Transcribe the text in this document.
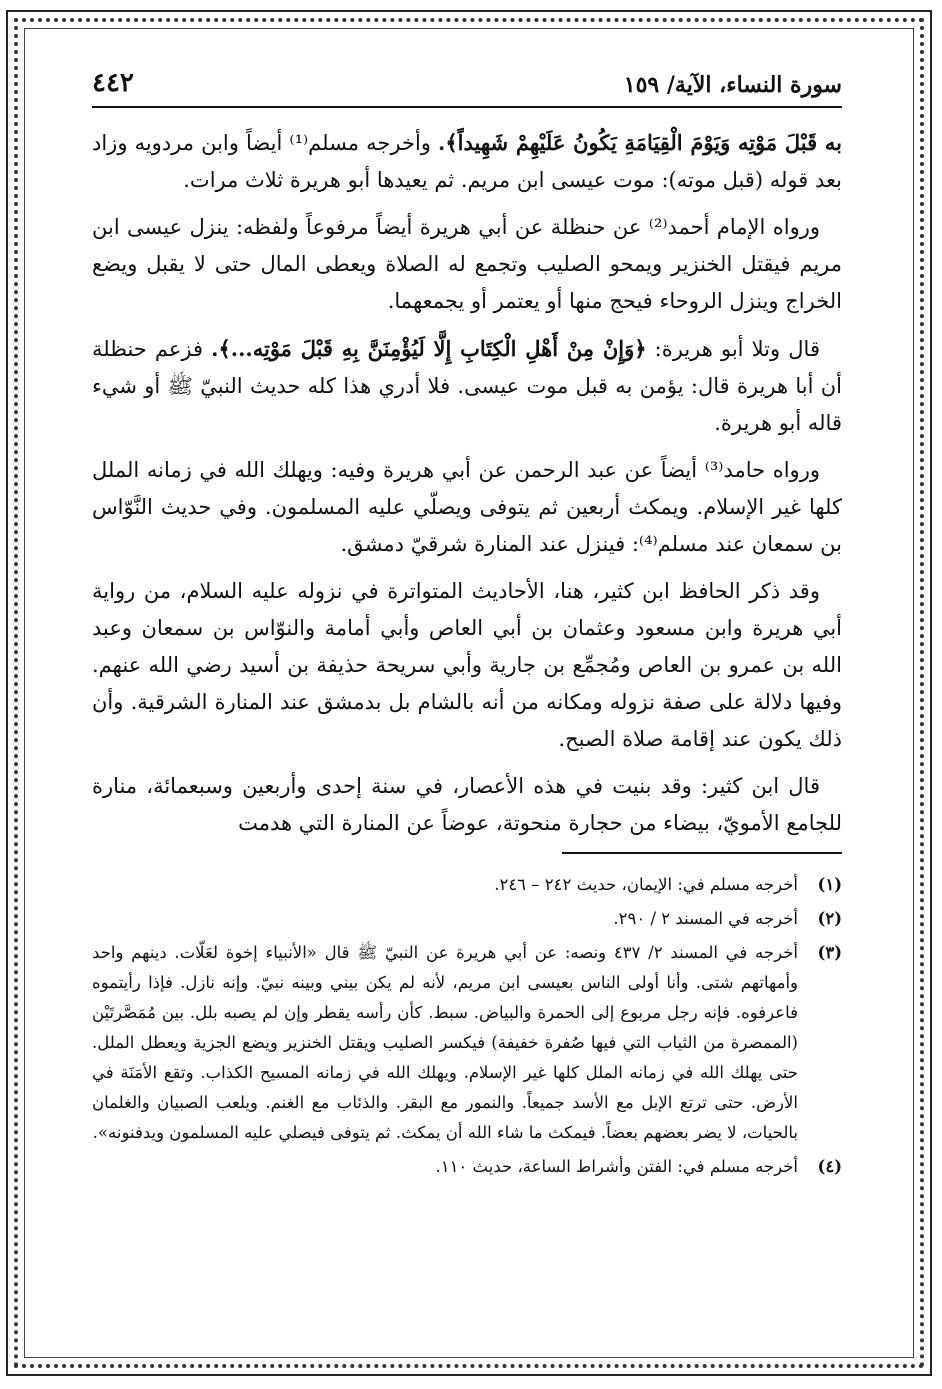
سورة النساء، الآية/ ١٥٩
٤٤٢

به قَبْلَ مَوْتِه وَيَوْمَ الْقِيَامَةِ يَكُونُ عَلَيْهِمْ شَهِيداً﴾. وأخرجه مسلم⁽¹⁾ أيضاً وابن مردويه وزاد بعد قوله (قبل موته): موت عيسى ابن مريم. ثم يعيدها أبو هريرة ثلاث مرات.

ورواه الإمام أحمد⁽²⁾ عن حنظلة عن أبي هريرة أيضاً مرفوعاً ولفظه: ينزل عيسى ابن مريم فيقتل الخنزير ويمحو الصليب وتجمع له الصلاة ويعطى المال حتى لا يقبل ويضع الخراج وينزل الروحاء فيحج منها أو يعتمر أو يجمعهما.

قال وتلا أبو هريرة: ﴿وَإِنْ مِنْ أَهْلِ الْكِتَابِ إِلَّا لَيُؤْمِنَنَّ بِهِ قَبْلَ مَوْتِه...﴾. فزعم حنظلة أن أبا هريرة قال: يؤمن به قبل موت عيسى. فلا أدري هذا كله حديث النبيّ ﷺ أو شيء قاله أبو هريرة.

ورواه حامد⁽³⁾ أيضاً عن عبد الرحمن عن أبي هريرة وفيه: ويهلك الله في زمانه الملل كلها غير الإسلام. ويمكث أربعين ثم يتوفى ويصلّي عليه المسلمون. وفي حديث النَّوّاس بن سمعان عند مسلم⁽⁴⁾: فينزل عند المنارة شرقيّ دمشق.

وقد ذكر الحافظ ابن كثير، هنا، الأحاديث المتواترة في نزوله عليه السلام، من رواية أبي هريرة وابن مسعود وعثمان بن أبي العاص وأبي أمامة والنوّاس بن سمعان وعبد الله بن عمرو بن العاص ومُجمِّع بن جارية وأبي سريحة حذيفة بن أسيد رضي الله عنهم. وفيها دلالة على صفة نزوله ومكانه من أنه بالشام بل بدمشق عند المنارة الشرقية. وأن ذلك يكون عند إقامة صلاة الصبح.

قال ابن كثير: وقد بنيت في هذه الأعصار، في سنة إحدى وأربعين وسبعمائة، منارة للجامع الأمويّ، بيضاء من حجارة منحوتة، عوضاً عن المنارة التي هدمت

(١)
أخرجه مسلم في: الإيمان، حديث ٢٤٢ – ٢٤٦.
(٢)
أخرجه في المسند ٢ / ٢٩٠.
(٣)
أخرجه في المسند ٢/ ٤٣٧ ونصه: عن أبي هريرة عن النبيّ ﷺ قال «الأنبياء إخوة لعَلّات. دينهم واحد وأمهاتهم شتى. وأنا أولى الناس بعيسى ابن مريم، لأنه لم يكن بيني وبينه نبيّ. وإنه نازل. فإذا رأيتموه فاعرفوه. فإنه رجل مربوع إلى الحمرة والبياض. سبط. كأن رأسه يقطر وإن لم يصبه بلل. بين مُمَصَّرتَيْن (الممصرة من الثياب التي فيها صُفرة خفيفة) فيكسر الصليب ويقتل الخنزير ويضع الجزية ويعطل الملل. حتى يهلك الله في زمانه الملل كلها غير الإسلام. ويهلك الله في زمانه المسيح الكذاب. وتقع الأمَنَة في الأرض. حتى ترتع الإبل مع الأسد جميعاً. والنمور مع البقر. والذئاب مع الغنم. ويلعب الصبيان والغلمان بالحيات، لا يضر بعضهم بعضاً. فيمكث ما شاء الله أن يمكث. ثم يتوفى فيصلي عليه المسلمون ويدفنونه».
(٤)
أخرجه مسلم في: الفتن وأشراط الساعة، حديث ١١٠.
